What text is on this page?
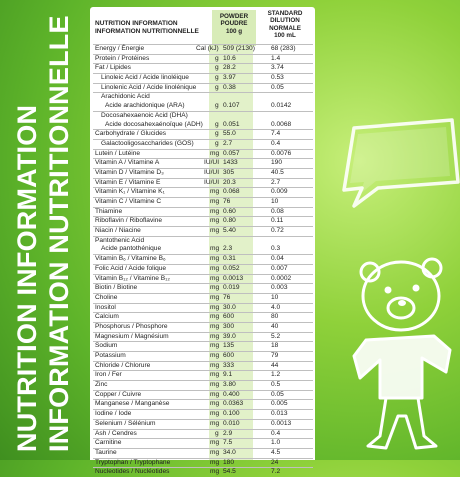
NUTRITION INFORMATION INFORMATION NUTRITIONNELLE	NUTRITION INFORMATION
INFORMATION NUTRITIONNELLE
POWDER
POUDRE
100 g
STANDARD
DILUTION
NORMALE
100 mL
Energy / Énergie	Cal (kJ) 509 (2130) 68 (283)
Protein / Protéines	g 10.6	1.4
Fat / Lipides	g 28.2	3.74
Linoleic Acid / Acide linoléique	g 3.97	0.53
Linolenic Acid / Acide linolénique	g 0.38	0.05
Arachidonic Acid
Acide arachidonique (ARA)	g 0.107	0.0142
Docosahexaenoic Acid (DHA)
Acide docosahexaénoïque (ADH) g 0.051	0.0068
Carbohydrate / Glucides	g 55.0	7.4
Galactooligosaccharides (GOS)	g 2.7	0.4
Lutein / Lutéine	mg 0.057	0.0076
Vitamin A / Vitamine A	IU/UI 1433	190
Vitamin D / Vitamine D₃	IU/UI 305	40.5
Vitamin E / Vitamine E	IU/UI 20.3	2.7
Vitamin K₁ / Vitamine K₁	mg 0.068	0.009
Vitamin C / Vitamine C	mg 76	10
Thiamine	mg 0.60	0.08
Riboflavin / Riboflavine	mg 0.80	0.11
Niacin / Niacine	mg 5.40	0.72
Pantothenic Acid
Acide pantothénique	mg 2.3	0.3
Vitamin B₆ / Vitamine B₆	mg 0.31	0.04
Folic Acid / Acide folique	mg 0.052	0.007
Vitamin B₁₂ / Vitamine B₁₂	mg 0.0013	0.0002
Biotin / Biotine	mg 0.019	0.003
Choline	mg 76	10
Inositol	mg 30.0	4.0
Calcium	mg 600	80
Phosphorus / Phosphore	mg 300	40
Magnesium / Magnésium	mg 39.0	5.2
Sodium	mg 135	18
Potassium	mg 600	79
Chloride / Chlorure	mg 333	44
Iron / Fer	mg 9.1	1.2
Zinc	mg 3.80	0.5
Copper / Cuivre	mg 0.400	0.05
Manganese / Manganèse	mg 0.0363	0.005
Iodine / Iode	mg 0.100	0.013
Selenium / Sélénium	mg 0.010	0.0013
Ash / Cendres	g 2.9	0.4
Carnitine	mg 7.5	1.0
Taurine	mg 34.0	4.5
Tryptophan / Tryptophane	mg 180	24
Nucleotides / Nucléotides	mg 54.5	7.2
